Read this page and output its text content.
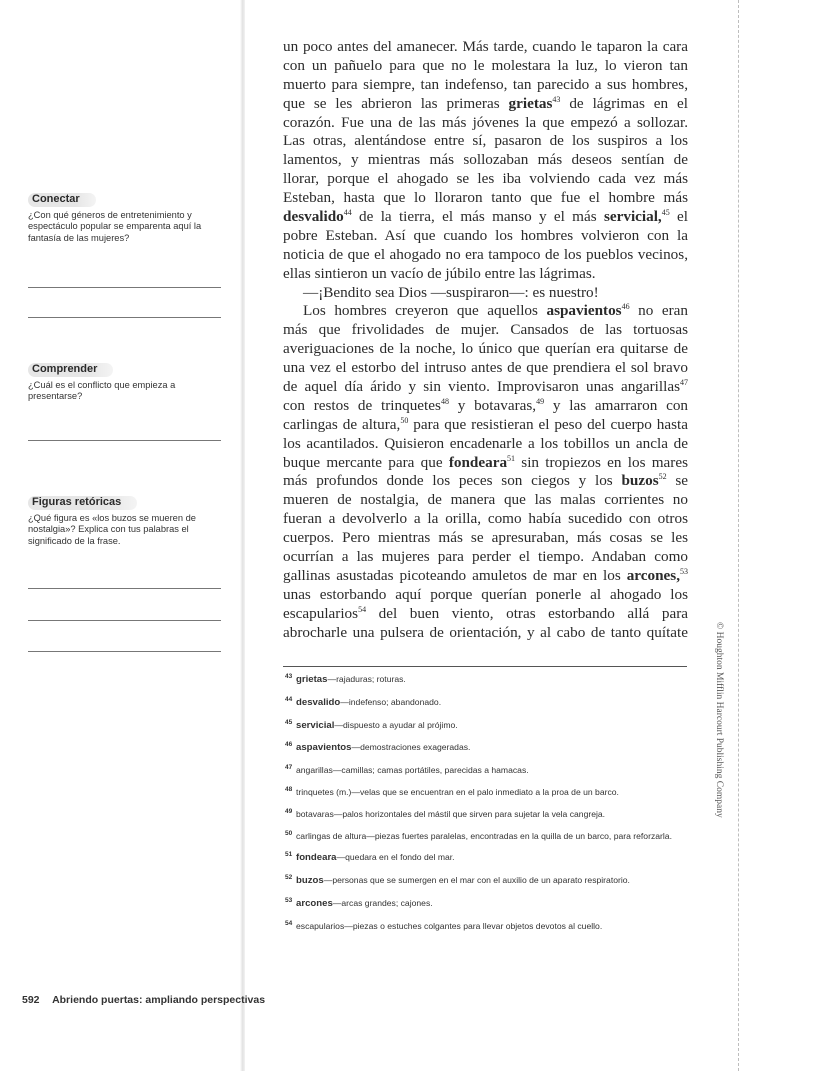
un poco antes del amanecer. Más tarde, cuando le taparon la cara
con un pañuelo para que no le molestara la luz, lo vieron tan
muerto para siempre, tan indefenso, tan parecido a sus hombres,
que se les abrieron las primeras grietas$^{43}$ de lágrimas en el
corazón. Fue una de las más jóvenes la que empezó a sollozar.
Las otras, alentándose entre sí, pasaron de los suspiros a los
lamentos, y mientras más sollozaban más deseos sentían de
llorar, porque el ahogado se les iba volviendo cada vez más
Esteban, hasta que lo lloraron tanto que fue el hombre más
desvalido$^{44}$ de la tierra, el más manso y el más servicial,$^{45}$ el
pobre Esteban. Así que cuando los hombres volvieron con la
noticia de que el ahogado no era tampoco de los pueblos vecinos,
ellas sintieron un vacío de júbilo entre las lágrimas.
—¡Bendito sea Dios —suspiraron—: es nuestro!
Los hombres creyeron que aquellos aspavientos$^{46}$ no eran
más que frivolidades de mujer. Cansados de las tortuosas
averiguaciones de la noche, lo único que querían era quitarse de
una vez el estorbo del intruso antes de que prendiera el sol bravo
de aquel día árido y sin viento. Improvisaron unas angarillas$^{47}$
con restos de trinquetes$^{48}$ y botavaras,$^{49}$ y las amarraron con
carlingas de altura,$^{50}$ para que resistieran el peso del cuerpo hasta
los acantilados. Quisieron encadenarle a los tobillos un ancla de
buque mercante para que fondeara$^{51}$ sin tropiezos en los mares
más profundos donde los peces son ciegos y los buzos$^{52}$ se
mueren de nostalgia, de manera que las malas corrientes no
fueran a devolverlo a la orilla, como había sucedido con otros
cuerpos. Pero mientras más se apresuraban, más cosas se les
ocurrían a las mujeres para perder el tiempo. Andaban como
gallinas asustadas picoteando amuletos de mar en los arcones,$^{53}$
unas estorbando aquí porque querían ponerle al ahogado los
escapularios$^{54}$ del buen viento, otras estorbando allá para
abrocharle una pulsera de orientación, y al cabo de tanto quítate
43 grietas—rajaduras; roturas.
44 desvalido—indefenso; abandonado.
45 servicial—dispuesto a ayudar al prójimo.
46 aspavientos—demostraciones exageradas.
47 angarillas—camillas; camas portátiles, parecidas a hamacas.
48 trinquetes (m.)—velas que se encuentran en el palo inmediato a la proa de un barco.
49 botavaras—palos horizontales del mástil que sirven para sujetar la vela cangreja.
50 carlingas de altura—piezas fuertes paralelas, encontradas en la quilla de un barco, para reforzarla.
51 fondeara—quedara en el fondo del mar.
52 buzos—personas que se sumergen en el mar con el auxilio de un aparato respiratorio.
53 arcones—arcas grandes; cajones.
54 escapularios—piezas o estuches colgantes para llevar objetos devotos al cuello.
Conectar
¿Con qué géneros de entretenimiento y espectáculo popular se emparenta aquí la fantasía de las mujeres?
Comprender
¿Cuál es el conflicto que empieza a presentarse?
Figuras retóricas
¿Qué figura es «los buzos se mueren de nostalgia»? Explica con tus palabras el significado de la frase.
© Houghton Mifflin Harcourt Publishing Company
592 Abriendo puertas: ampliando perspectivas
